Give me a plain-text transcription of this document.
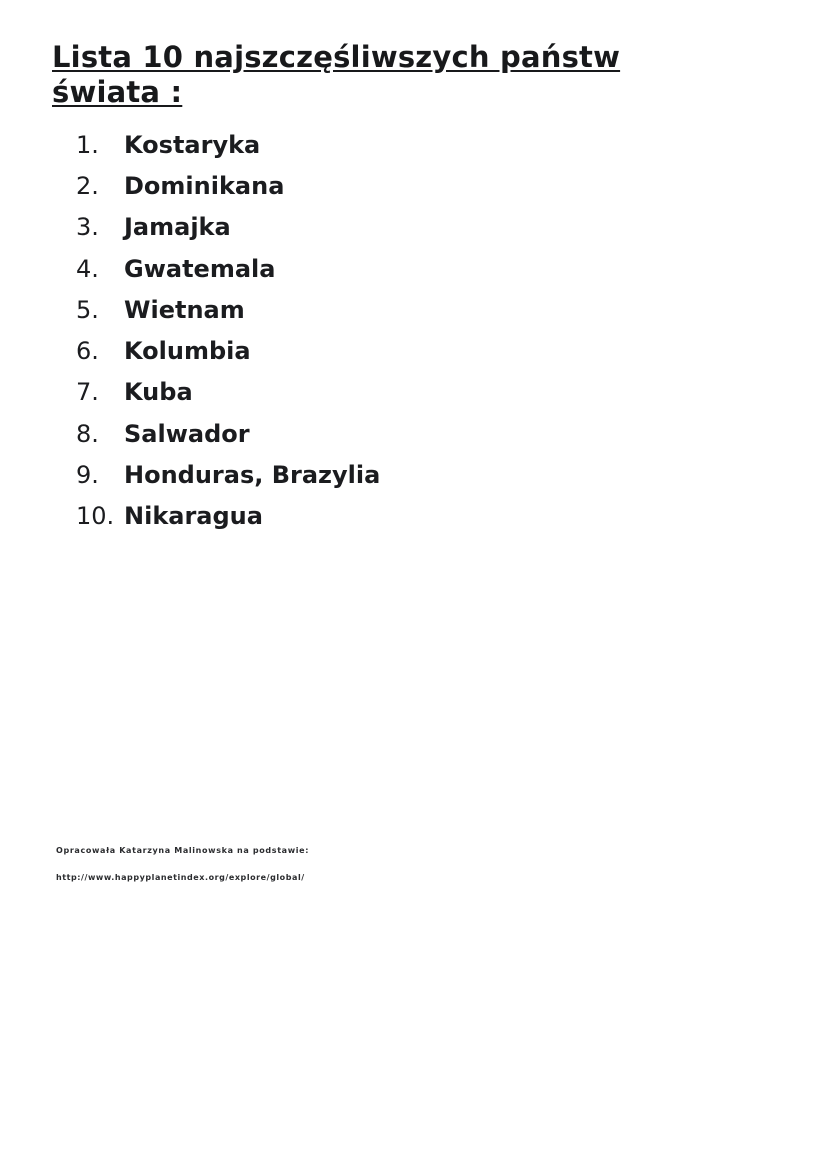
Lista 10 najszczęśliwszych państw
świata :
1.	Kostaryka
2.	Dominikana
3.	Jamajka
4.	Gwatemala
5.	Wietnam
6.	Kolumbia
7.	Kuba
8.	Salwador
9.	Honduras, Brazylia
10. Nikaragua

Opracowała Katarzyna Malinowska na podstawie:

http://www.happyplanetindex.org/explore/global/
